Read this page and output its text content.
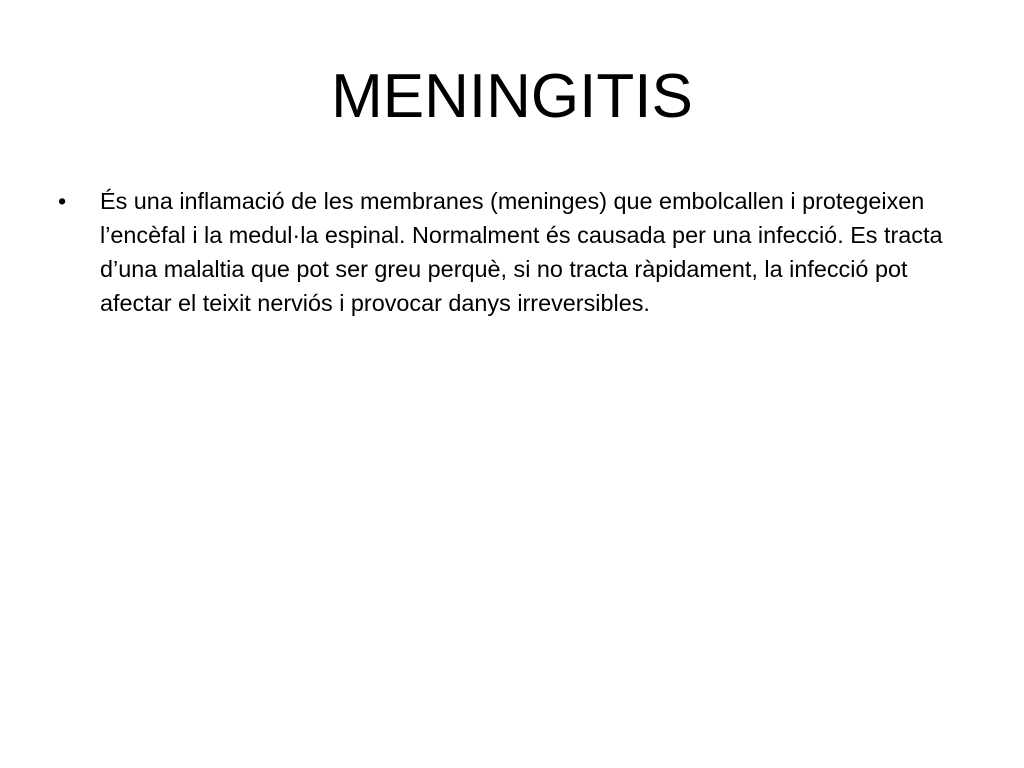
MENINGITIS
•	És una inflamació de les membranes (meninges) que embolcallen i protegeixen l’encèfal i la medul·la espinal. Normalment és causada per una infecció. Es tracta d’una malaltia que pot ser greu perquè, si no tracta ràpidament, la infecció pot afectar el teixit nerviós i provocar danys irreversibles.
